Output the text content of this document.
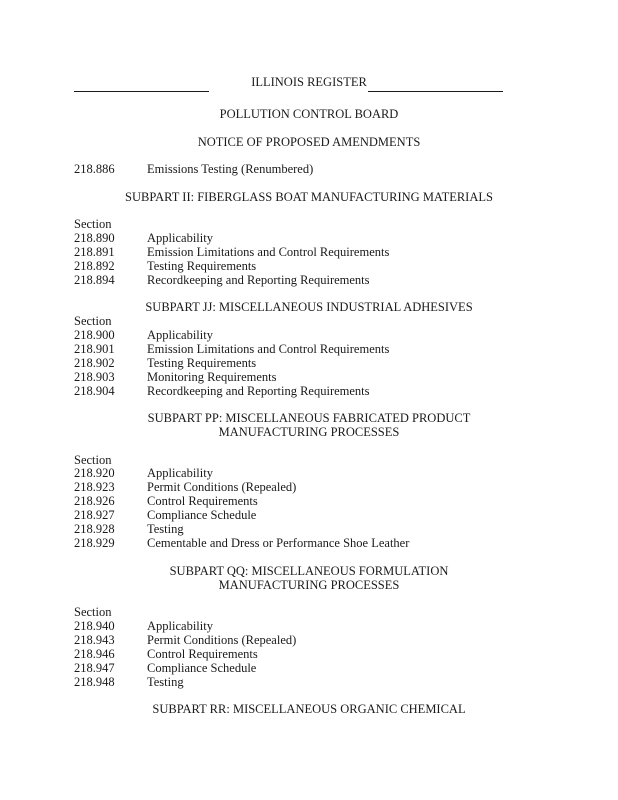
ILLINOIS REGISTER
POLLUTION CONTROL BOARD
NOTICE OF PROPOSED AMENDMENTS
218.886	Emissions Testing (Renumbered)
SUBPART II: FIBERGLASS BOAT MANUFACTURING MATERIALS
Section
218.890	Applicability
218.891	Emission Limitations and Control Requirements
218.892	Testing Requirements
218.894	Recordkeeping and Reporting Requirements
SUBPART JJ: MISCELLANEOUS INDUSTRIAL ADHESIVES
Section
218.900	Applicability
218.901	Emission Limitations and Control Requirements
218.902	Testing Requirements
218.903	Monitoring Requirements
218.904	Recordkeeping and Reporting Requirements
SUBPART PP: MISCELLANEOUS FABRICATED PRODUCT
MANUFACTURING PROCESSES
Section
218.920	Applicability
218.923	Permit Conditions (Repealed)
218.926	Control Requirements
218.927	Compliance Schedule
218.928	Testing
218.929	Cementable and Dress or Performance Shoe Leather
SUBPART QQ: MISCELLANEOUS FORMULATION
MANUFACTURING PROCESSES
Section
218.940	Applicability
218.943	Permit Conditions (Repealed)
218.946	Control Requirements
218.947	Compliance Schedule
218.948	Testing
SUBPART RR: MISCELLANEOUS ORGANIC CHEMICAL
